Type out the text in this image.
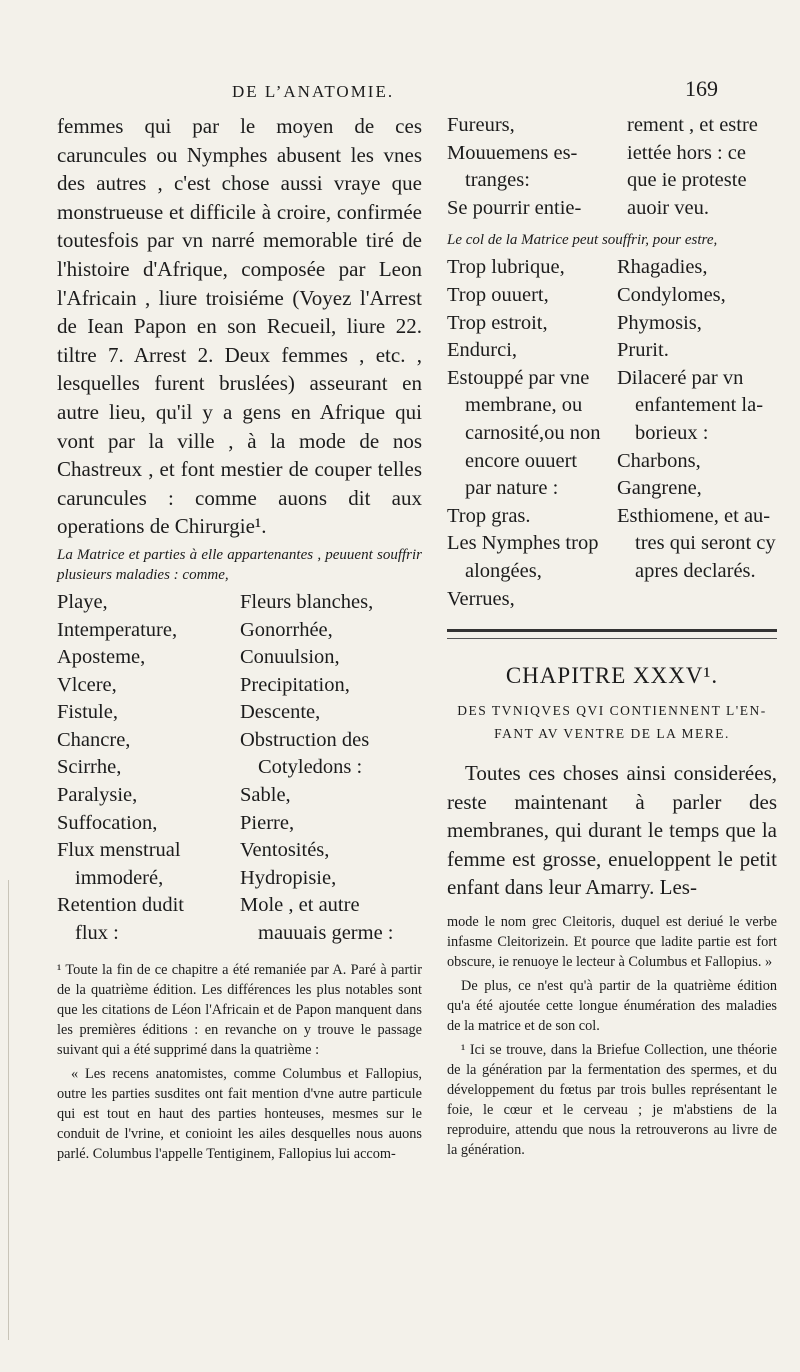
DE L’ANATOMIE.	169

femmes qui par le moyen de ces caruncules ou Nymphes abusent les vnes des autres , c'est chose aussi vraye que monstrueuse et difficile à croire, confirmée toutesfois par vn narré memorable tiré de l'histoire d'Afrique, composée par Leon l'Africain , liure troisiéme (Voyez l'Arrest de Iean Papon en son Recueil, liure 22. tiltre 7. Arrest 2. Deux femmes , etc. , lesquelles furent bruslées) asseurant en autre lieu, qu'il y a gens en Afrique qui vont par la ville , à la mode de nos Chastreux , et font mestier de couper telles caruncules : comme auons dit aux operations de Chirurgie¹.

La Matrice et parties à elle appartenantes , peuuent souffrir plusieurs maladies : comme,

Playe,
Intemperature,
Aposteme,
Vlcere,
Fistule,
Chancre,
Scirrhe,
Paralysie,
Suffocation,
Flux menstrual
immoderé,
Retention dudit
flux :
Fleurs blanches,
Gonorrhée,
Conuulsion,
Precipitation,
Descente,
Obstruction des
Cotyledons :
Sable,
Pierre,
Ventosités,
Hydropisie,
Mole , et autre
mauuais germe :

¹ Toute la fin de ce chapitre a été remaniée par A. Paré à partir de la quatrième édition. Les différences les plus notables sont que les citations de Léon l'Africain et de Papon manquent dans les premières éditions : en revanche on y trouve le passage suivant qui a été supprimé dans la quatrième :

« Les recens anatomistes, comme Columbus et Fallopius, outre les parties susdites ont fait mention d'vne autre particule qui est tout en haut des parties honteuses, mesmes sur le conduit de l'vrine, et conioint les ailes desquelles nous auons parlé. Columbus l'appelle Tentiginem, Fallopius lui accom-

Fureurs,
Mouuemens es-
tranges:
Se pourrir entie-
rement , et estre
iettée hors : ce
que ie proteste
auoir veu.

Le col de la Matrice peut souffrir, pour estre,

Trop lubrique,
Trop ouuert,
Trop estroit,
Endurci,
Estouppé par vne
membrane, ou
carnosité,ou non
encore ouuert
par nature :
Trop gras.
Les Nymphes trop
alongées,
Verrues,
Rhagadies,
Condylomes,
Phymosis,
Prurit.
Dilaceré par vn
enfantement la-
borieux :
Charbons,
Gangrene,
Esthiomene, et au-
tres qui seront cy
apres declarés.
CHAPITRE XXXV¹.
DES TVNIQVES QVI CONTIENNENT L'EN-FANT AV VENTRE DE LA MERE.

Toutes ces choses ainsi considerées, reste maintenant à parler des membranes, qui durant le temps que la femme est grosse, enueloppent le petit enfant dans leur Amarry. Les-

mode le nom grec Cleitoris, duquel est deriué le verbe infasme Cleitorizein. Et pource que ladite partie est fort obscure, ie renuoye le lecteur à Columbus et Fallopius. »

De plus, ce n'est qu'à partir de la quatrième édition qu'a été ajoutée cette longue énumération des maladies de la matrice et de son col.

¹ Ici se trouve, dans la Briefue Collection, une théorie de la génération par la fermentation des spermes, et du développement du fœtus par trois bulles représentant le foie, le cœur et le cerveau ; je m'abstiens de la reproduire, attendu que nous la retrouverons au livre de la génération.
